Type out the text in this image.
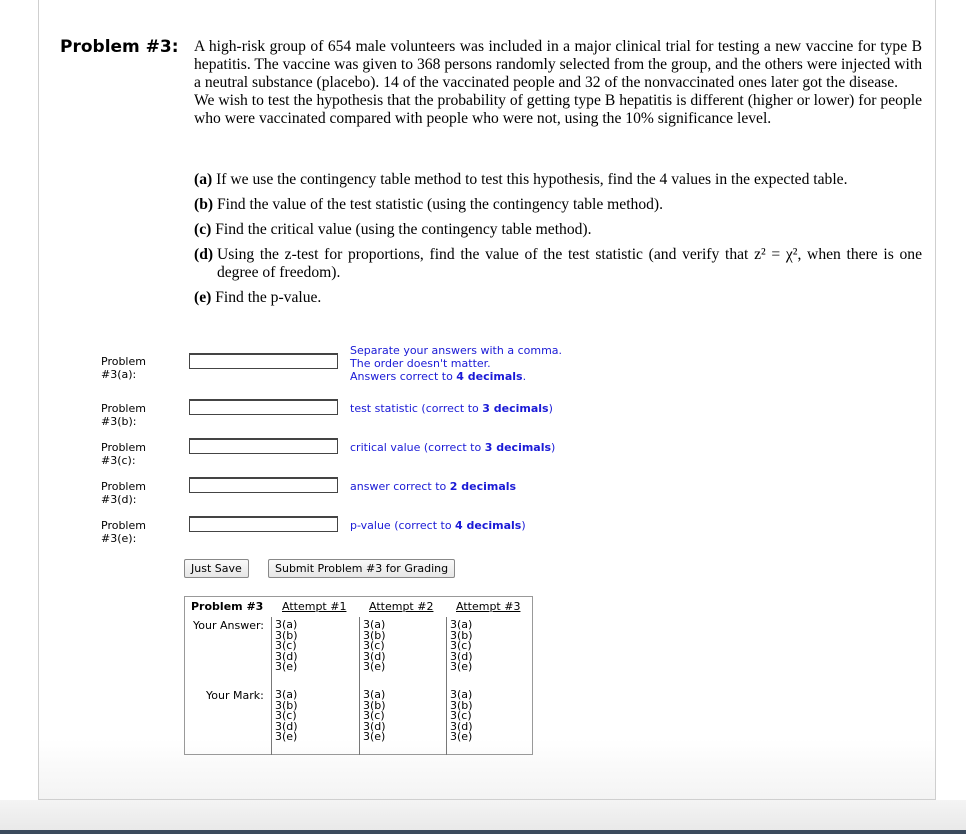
Problem #3: A high-risk group of 654 male volunteers was included in a major clinical trial for testing a new vaccine for type B hepatitis. The vaccine was given to 368 persons randomly selected from the group, and the others were injected with a neutral substance (placebo). 14 of the vaccinated people and 32 of the nonvaccinated ones later got the disease.

We wish to test the hypothesis that the probability of getting type B hepatitis is different (higher or lower) for people who were vaccinated compared with people who were not, using the 10% significance level.

(a) If we use the contingency table method to test this hypothesis, find the 4 values in the expected table.
(b) Find the value of the test statistic (using the contingency table method).
(c) Find the critical value (using the contingency table method).
(d) Using the z-test for proportions, find the value of the test statistic (and verify that z² = χ², when there is one degree of freedom).
(e) Find the p-value.
Problem #3(a):
Separate your answers with a comma.
The order doesn't matter.
Answers correct to 4 decimals.
Problem #3(b):
test statistic (correct to 3 decimals)
Problem #3(c):
critical value (correct to 3 decimals)
Problem #3(d):
answer correct to 2 decimals
Problem #3(e):
p-value (correct to 4 decimals)
Just Save	Submit Problem #3 for Grading
Problem #3 Attempt #1 Attempt #2 Attempt #3
Your Answer:
Your Mark:
3(a)
3(b)
3(c)
3(d)
3(e)
3(a)
3(b)
3(c)
3(d)
3(e)
3(a)
3(b)
3(c)
3(d)
3(e)
3(a)
3(b)
3(c)
3(d)
3(e)
3(a)
3(b)
3(c)
3(d)
3(e)
3(a)
3(b)
3(c)
3(d)
3(e)
